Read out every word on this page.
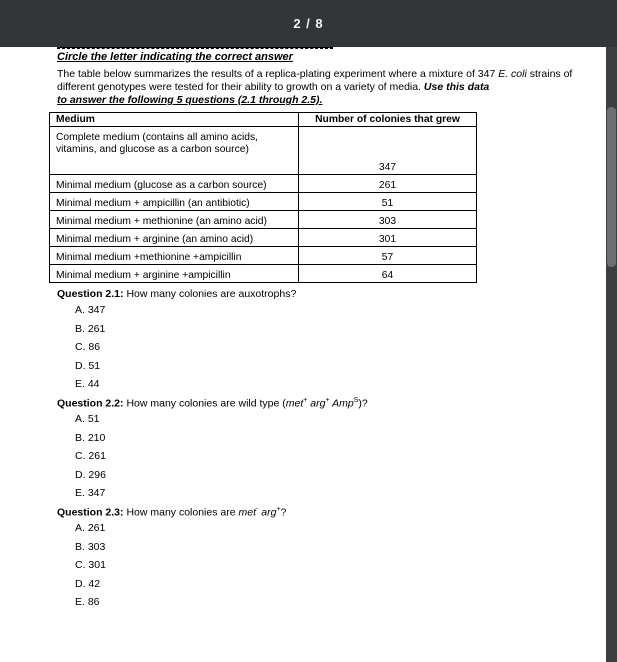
2 / 8
Circle the letter indicating the correct answer
The table below summarizes the results of a replica-plating experiment where a mixture of 347 E. coli strains of different genotypes were tested for their ability to growth on a variety of media. Use this data
to answer the following 5 questions (2.1 through 2.5).
Medium	Number of colonies that grew
Complete medium (contains all amino acids, vitamins, and glucose as a carbon source)	347
Minimal medium (glucose as a carbon source)	261
Minimal medium + ampicillin (an antibiotic)	51
Minimal medium + methionine (an amino acid)	303
Minimal medium + arginine (an amino acid)	301
Minimal medium +methionine +ampicillin	57
Minimal medium + arginine +ampicillin	64
Question 2.1: How many colonies are auxotrophs?
A. 347
B. 261
C. 86
D. 51
E. 44
Question 2.2: How many colonies are wild type (met+ arg+ Amp$^S$)?
A. 51
B. 210
C. 261
D. 296
E. 347
Question 2.3: How many colonies are met- arg+?
A. 261
B. 303
C. 301
D. 42
E. 86
